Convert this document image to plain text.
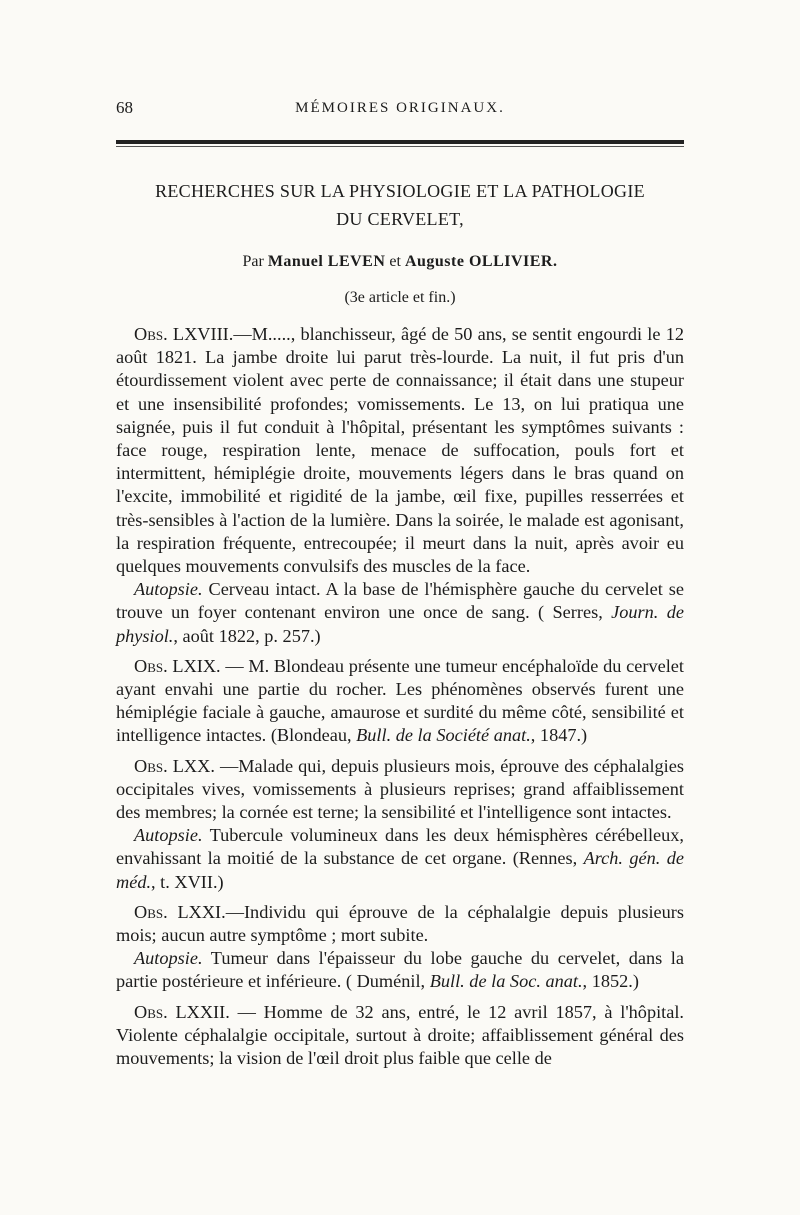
68	MÉMOIRES ORIGINAUX.
RECHERCHES SUR LA PHYSIOLOGIE ET LA PATHOLOGIE
DU CERVELET,
Par Manuel LEVEN et Auguste OLLIVIER.
(3e article et fin.)

Obs. LXVIII.—M....., blanchisseur, âgé de 50 ans, se sentit engourdi le 12 août 1821. La jambe droite lui parut très-lourde. La nuit, il fut pris d'un étourdissement violent avec perte de connaissance; il était dans une stupeur et une insensibilité profondes; vomissements. Le 13, on lui pratiqua une saignée, puis il fut conduit à l'hôpital, présentant les symptômes suivants : face rouge, respiration lente, menace de suffocation, pouls fort et intermittent, hémiplégie droite, mouvements légers dans le bras quand on l'excite, immobilité et rigidité de la jambe, œil fixe, pupilles resserrées et très-sensibles à l'action de la lumière. Dans la soirée, le malade est agonisant, la respiration fréquente, entrecoupée; il meurt dans la nuit, après avoir eu quelques mouvements convulsifs des muscles de la face.

Autopsie. Cerveau intact. A la base de l'hémisphère gauche du cervelet se trouve un foyer contenant environ une once de sang. ( Serres, Journ. de physiol., août 1822, p. 257.)

Obs. LXIX. — M. Blondeau présente une tumeur encéphaloïde du cervelet ayant envahi une partie du rocher. Les phénomènes observés furent une hémiplégie faciale à gauche, amaurose et surdité du même côté, sensibilité et intelligence intactes. (Blondeau, Bull. de la Société anat., 1847.)

Obs. LXX. —Malade qui, depuis plusieurs mois, éprouve des céphalalgies occipitales vives, vomissements à plusieurs reprises; grand affaiblissement des membres; la cornée est terne; la sensibilité et l'intelligence sont intactes.

Autopsie. Tubercule volumineux dans les deux hémisphères cérébelleux, envahissant la moitié de la substance de cet organe. (Rennes, Arch. gén. de méd., t. XVII.)

Obs. LXXI.—Individu qui éprouve de la céphalalgie depuis plusieurs mois; aucun autre symptôme ; mort subite.

Autopsie. Tumeur dans l'épaisseur du lobe gauche du cervelet, dans la partie postérieure et inférieure. ( Duménil, Bull. de la Soc. anat., 1852.)

Obs. LXXII. — Homme de 32 ans, entré, le 12 avril 1857, à l'hôpital. Violente céphalalgie occipitale, surtout à droite; affaiblissement général des mouvements; la vision de l'œil droit plus faible que celle de
